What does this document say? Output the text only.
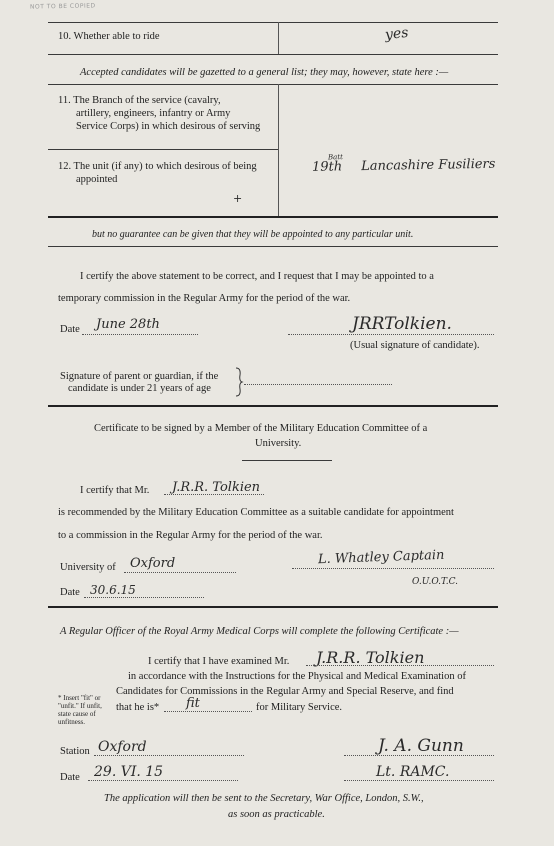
NOT TO BE COPIED
10. Whether able to ride	yes
Accepted candidates will be gazetted to a general list; they may, however, state here :—
11. The Branch of the service (cavalry,
artillery, engineers, infantry or Army
Service Corps) in which desirous of serving
12. The unit (if any) to which desirous of being
appointed
$19th^{Batt}$ Lancashire Fusiliers
+
but no guarantee can be given that they will be appointed to any particular unit.
I certify the above statement to be correct, and I request that I may be appointed to a
temporary commission in the Regular Army for the period of the war.
Date June 28th	JRRTolkien.
(Usual signature of candidate).
Signature of parent or guardian, if the
candidate is under 21 years of age
Certificate to be signed by a Member of the Military Education Committee of a
University.
I certify that Mr. J.R.R. Tolkien
is recommended by the Military Education Committee as a suitable candidate for appointment
to a commission in the Regular Army for the period of the war.
University of Oxford	L. Whatley Captain
O.U.O.T.C.
Date 30.6.15
A Regular Officer of the Royal Army Medical Corps will complete the following Certificate :—
I certify that I have examined Mr. J.R.R. Tolkien
in accordance with the Instructions for the Physical and Medical Examination of
Candidates for Commissions in the Regular Army and Special Reserve, and find
* Insert "fit" or "unfit." If unfit, state cause of unfitness.
that he is* fit	for Military Service.
Station Oxford
Date 29. VI. 15
J. A. Gunn
Lt. RAMC.
The application will then be sent to the Secretary, War Office, London, S.W.,
as soon as practicable.
